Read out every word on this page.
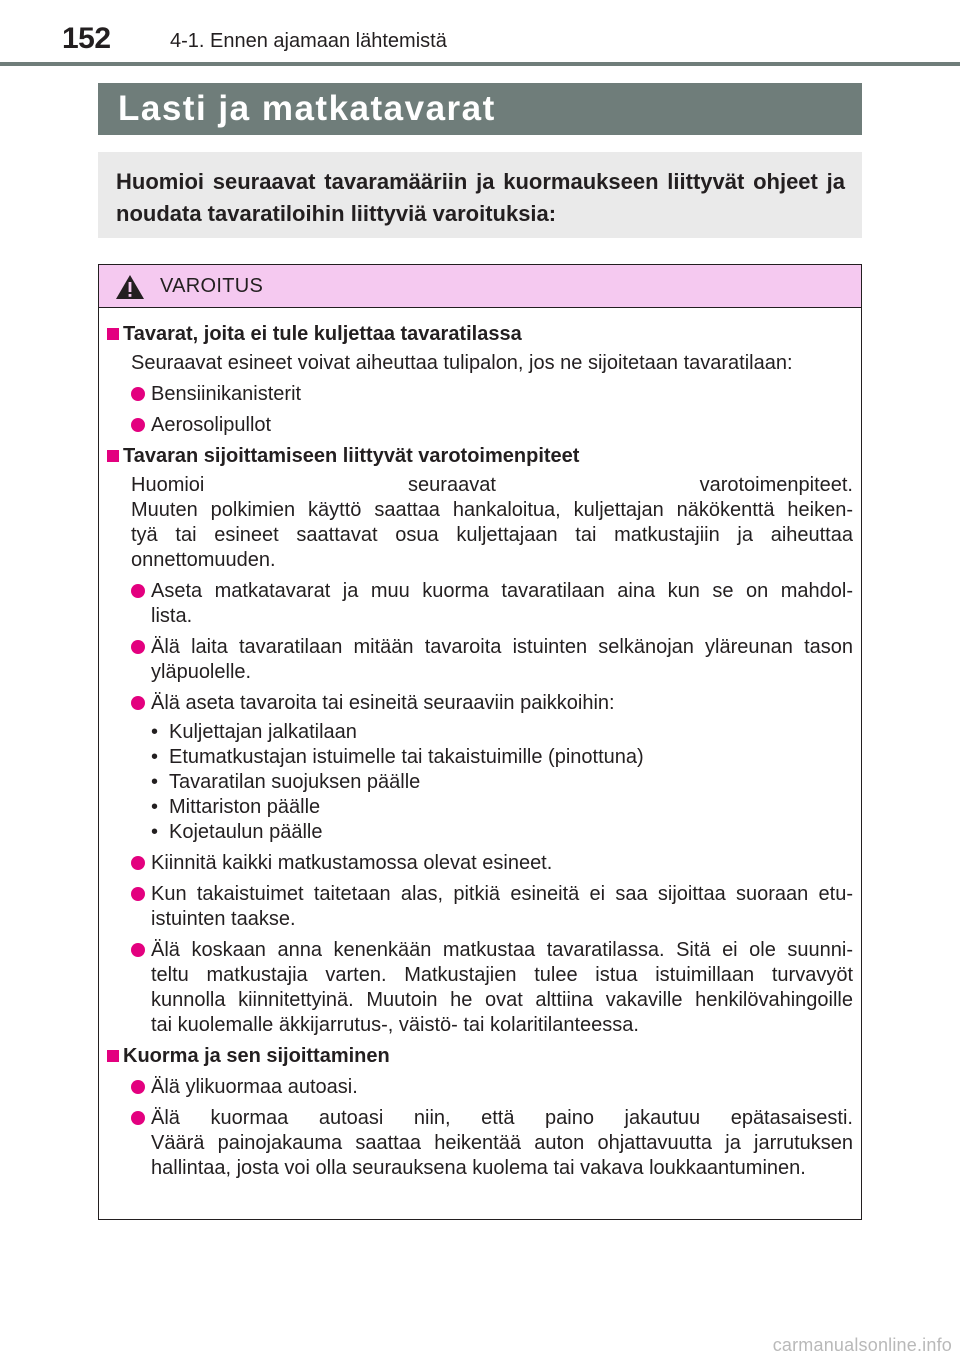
152	4-1. Ennen ajamaan lähtemistä
Lasti ja matkatavarat
Huomioi seuraavat tavaramääriin ja kuormaukseen liittyvät ohjeet ja noudata tavaratiloihin liittyviä varoituksia:
VAROITUS
Tavarat, joita ei tule kuljettaa tavaratilassa
Seuraavat esineet voivat aiheuttaa tulipalon, jos ne sijoitetaan tavaratilaan:
Bensiinikanisterit
Aerosolipullot
Tavaran sijoittamiseen liittyvät varotoimenpiteet
Huomioi seuraavat varotoimenpiteet.
Muuten polkimien käyttö saattaa hankaloitua, kuljettajan näkökenttä heiken-
tyä tai esineet saattavat osua kuljettajaan tai matkustajiin ja aiheuttaa
onnettomuuden.
Aseta matkatavarat ja muu kuorma tavaratilaan aina kun se on mahdol-
lista.
Älä laita tavaratilaan mitään tavaroita istuinten selkänojan yläreunan tason
yläpuolelle.
Älä aseta tavaroita tai esineitä seuraaviin paikkoihin:
• Kuljettajan jalkatilaan
• Etumatkustajan istuimelle tai takaistuimille (pinottuna)
• Tavaratilan suojuksen päälle
• Mittariston päälle
• Kojetaulun päälle
Kiinnitä kaikki matkustamossa olevat esineet.
Kun takaistuimet taitetaan alas, pitkiä esineitä ei saa sijoittaa suoraan etu-
istuinten taakse.
Älä koskaan anna kenenkään matkustaa tavaratilassa. Sitä ei ole suunni-
teltu matkustajia varten. Matkustajien tulee istua istuimillaan turvavyöt
kunnolla kiinnitettyinä. Muutoin he ovat alttiina vakaville henkilövahingoille
tai kuolemalle äkkijarrutus-, väistö- tai kolaritilanteessa.
Kuorma ja sen sijoittaminen
Älä ylikuormaa autoasi.
Älä kuormaa autoasi niin, että paino jakautuu epätasaisesti.
Väärä painojakauma saattaa heikentää auton ohjattavuutta ja jarrutuksen
hallintaa, josta voi olla seurauksena kuolema tai vakava loukkaantuminen.
carmanualsonline.info
